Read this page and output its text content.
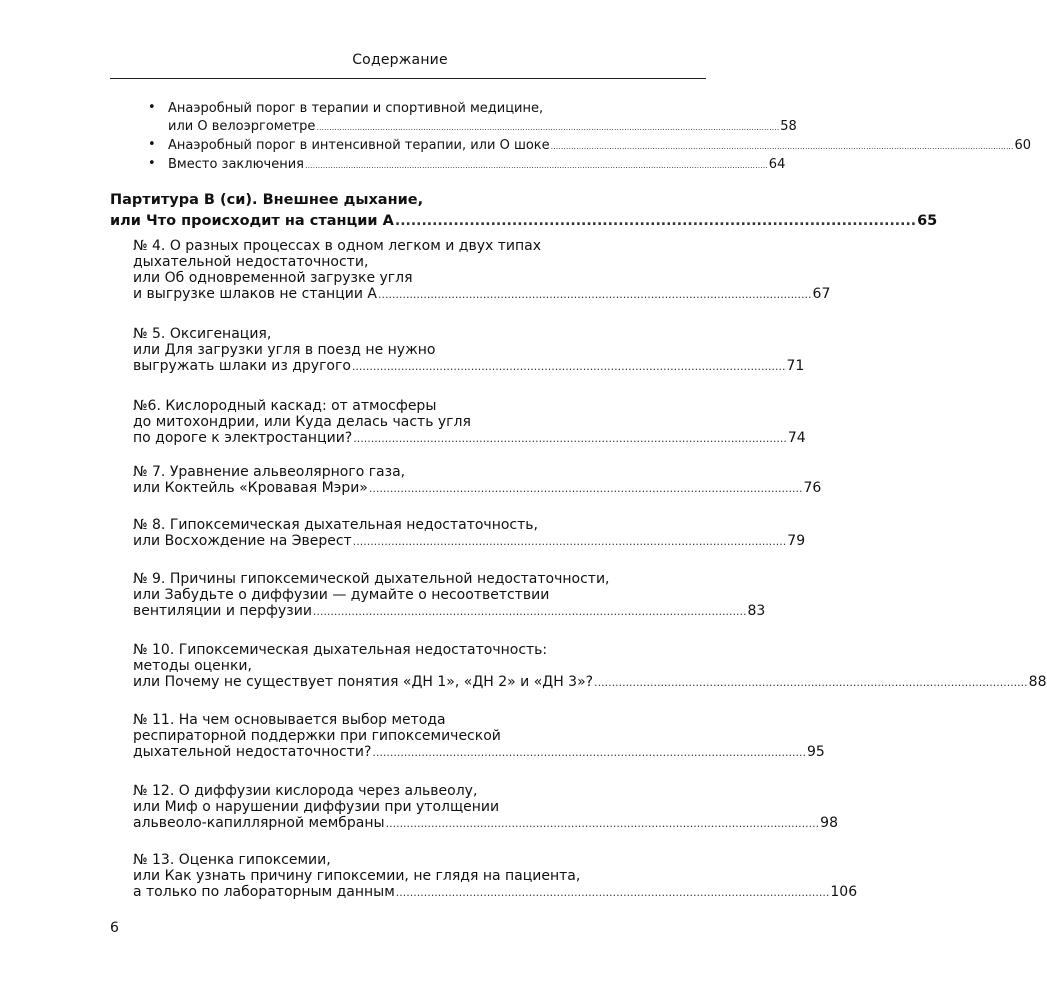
Содержание
• Анаэробный порог в терапии и спортивной медицине,
или О велоэргометре ...................................................................................................................................................................................... 58
• Анаэробный порог в интенсивной терапии, или О шоке ...................................................................................................................................................................................... 60
• Вместо заключения ...................................................................................................................................................................................... 64
Партитура В (си). Внешнее дыхание,
или Что происходит на станции А .................................................................................................. 65
№ 4. О разных процессах в одном легком и двух типах
дыхательной недостаточности,
или Об одновременной загрузке угля
и выгрузке шлаков не станции А ............................................................................................................................ 67
№ 5. Оксигенация,
или Для загрузки угля в поезд не нужно
выгружать шлаки из другого ............................................................................................................................ 71
№6. Кислородный каскад: от атмосферы
до митохондрии, или Куда делась часть угля
по дороге к электростанции? ............................................................................................................................ 74
№ 7. Уравнение альвеолярного газа,
или Коктейль «Кровавая Мэри» ............................................................................................................................ 76
№ 8. Гипоксемическая дыхательная недостаточность,
или Восхождение на Эверест ............................................................................................................................ 79
№ 9. Причины гипоксемической дыхательной недостаточности,
или Забудьте о диффузии — думайте о несоответствии
вентиляции и перфузии ............................................................................................................................ 83
№ 10. Гипоксемическая дыхательная недостаточность:
методы оценки,
или Почему не существует понятия «ДН 1», «ДН 2» и «ДН 3»? ............................................................................................................................ 88
№ 11. На чем основывается выбор метода
респираторной поддержки при гипоксемической
дыхательной недостаточности? ............................................................................................................................ 95
№ 12. О диффузии кислорода через альвеолу,
или Миф о нарушении диффузии при утолщении
альвеоло-капиллярной мембраны ............................................................................................................................ 98
№ 13. Оценка гипоксемии,
или Как узнать причину гипоксемии, не глядя на пациента,
а только по лабораторным данным ............................................................................................................................ 106
6
